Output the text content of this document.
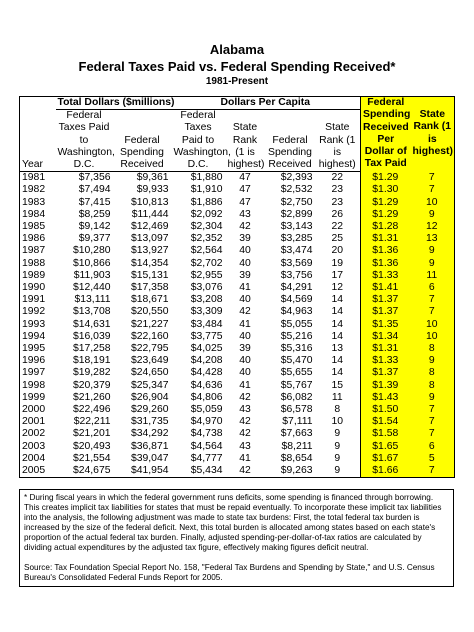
Alabama
Federal Taxes Paid vs. Federal Spending Received*
1981-Present
	Total Dollars ($millions)		Dollars Per Capita				Federal Spending Received Per Dollar of Tax Paid	State Rank (1 is highest)
Year	Federal Taxes Paid to Washington, D.C.	Federal Spending Received	Federal Taxes Paid to Washington, D.C.	State Rank (1 is highest)	Federal Spending Received	State Rank (1 is highest)		
1981	$7,356	$9,361	$1,880	47	$2,393	22	$1.29	7
1982	$7,494	$9,933	$1,910	47	$2,532	23	$1.30	7
1983	$7,415	$10,813	$1,886	47	$2,750	23	$1.29	10
1984	$8,259	$11,444	$2,092	43	$2,899	26	$1.29	9
1985	$9,142	$12,469	$2,304	42	$3,143	22	$1.28	12
1986	$9,377	$13,097	$2,352	39	$3,285	25	$1.31	13
1987	$10,280	$13,927	$2,564	40	$3,474	20	$1.36	9
1988	$10,866	$14,354	$2,702	40	$3,569	19	$1.36	9
1989	$11,903	$15,131	$2,955	39	$3,756	17	$1.33	11
1990	$12,440	$17,358	$3,076	41	$4,291	12	$1.41	6
1991	$13,111	$18,671	$3,208	40	$4,569	14	$1.37	7
1992	$13,708	$20,550	$3,309	42	$4,963	14	$1.37	7
1993	$14,631	$21,227	$3,484	41	$5,055	14	$1.35	10
1994	$16,039	$22,160	$3,775	40	$5,216	14	$1.34	10
1995	$17,258	$22,795	$4,025	39	$5,316	13	$1.31	8
1996	$18,191	$23,649	$4,208	40	$5,470	14	$1.33	9
1997	$19,282	$24,650	$4,428	40	$5,655	14	$1.37	8
1998	$20,379	$25,347	$4,636	41	$5,767	15	$1.39	8
1999	$21,260	$26,904	$4,806	42	$6,082	11	$1.43	9
2000	$22,496	$29,260	$5,059	43	$6,578	8	$1.50	7
2001	$22,211	$31,735	$4,970	42	$7,111	10	$1.54	7
2002	$21,201	$34,292	$4,738	42	$7,663	9	$1.58	7
2003	$20,493	$36,871	$4,564	43	$8,211	9	$1.65	6
2004	$21,554	$39,047	$4,777	41	$8,654	9	$1.67	5
2005	$24,675	$41,954	$5,434	42	$9,263	9	$1.66	7

* During fiscal years in which the federal government runs deficits, some spending is financed through borrowing. This creates implicit tax liabilities for states that must be repaid eventually. To incorporate these implicit tax liabilities into the analysis, the following adjustment was made to state tax burdens: First, the total federal tax burden is increased by the size of the federal deficit. Next, this total burden is allocated among states based on each state's proportion of the actual federal tax burden. Finally, adjusted spending-per-dollar-of-tax ratios are calculated by dividing actual expenditures by the adjusted tax figure, effectively making figures deficit neutral.

Source: Tax Foundation Special Report No. 158, "Federal Tax Burdens and Spending by State," and U.S. Census Bureau's Consolidated Federal Funds Report for 2005.
